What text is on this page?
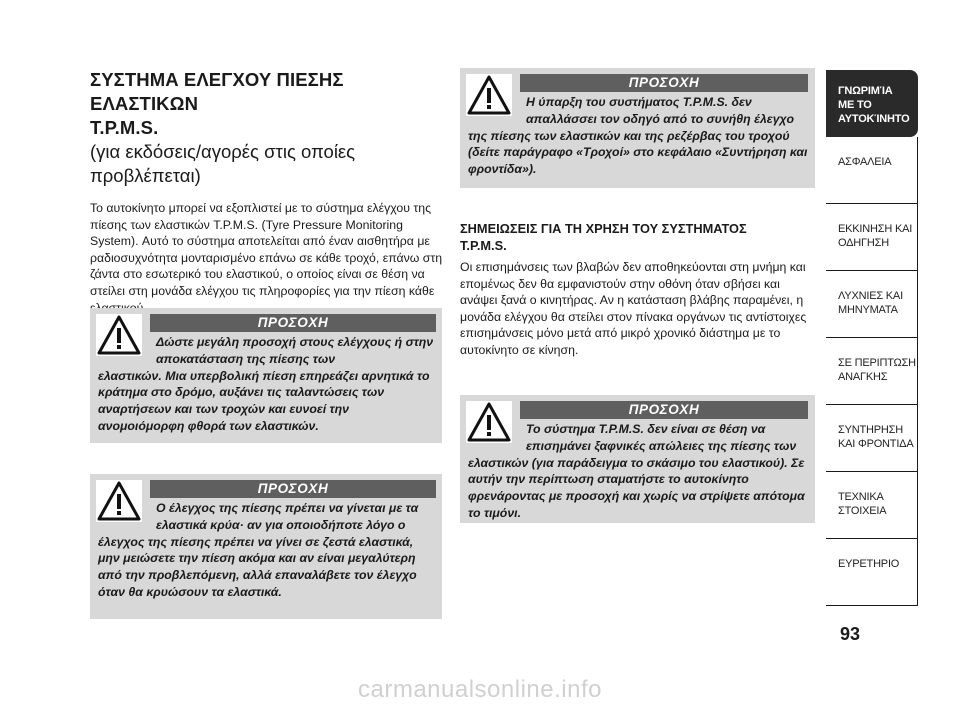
ΣΥΣΤΗΜΑ ΕΛΕΓΧΟΥ ΠΙΕΣΗΣ ΕΛΑΣΤΙΚΩΝ
T.P.M.S.
(για εκδόσεις/αγορές στις οποίες
προβλέπεται)

Το αυτοκίνητο μπορεί να εξοπλιστεί με το σύστημα ελέγχου της πίεσης των ελαστικών T.P.M.S. (Tyre Pressure Monitoring System). Αυτό το σύστημα αποτελείται από έναν αισθητήρα με ραδιοσυχνότητα μονταρισμένο επάνω σε κάθε τροχό, επάνω στη ζάντα στο εσωτερικό του ελαστικού, ο οποίος είναι σε θέση να στείλει στη μονάδα ελέγχου τις πληροφορίες για την πίεση κάθε

ΠΡΟΣΟΧΗ
Δώστε μεγάλη προσοχή στους ελέγχους ή στην αποκατάσταση της πίεσης των
ελαστικών. Μια υπερβολική πίεση επηρεάζει αρνητικά το κράτημα στο δρόμο, αυξάνει τις ταλαντώσεις των αναρτήσεων και των τροχών και ευνοεί την ανομοιόμορφη φθορά των ελαστικών.
ΠΡΟΣΟΧΗ
Ο έλεγχος της πίεσης πρέπει να γίνεται με τα ελαστικά κρύα· αν για οποιοδήποτε λόγο ο
έλεγχος της πίεσης πρέπει να γίνει σε ζεστά ελαστικά, μην μειώσετε την πίεση ακόμα και αν είναι μεγαλύτερη από την προβλεπόμενη, αλλά επαναλάβετε τον έλεγχο όταν θα κρυώσουν τα ελαστικά.
ΠΡΟΣΟΧΗ
Η ύπαρξη του συστήματος T.P.M.S. δεν απαλλάσσει τον οδηγό από το συνήθη έλεγχο
της πίεσης των ελαστικών και της ρεζέρβας του τροχού (δείτε παράγραφο «Τροχοί» στο κεφάλαιο «Συντήρηση και φροντίδα»).
ΣΗΜΕΙΩΣΕΙΣ ΓΙΑ ΤΗ ΧΡΗΣΗ ΤΟΥ ΣΥΣΤΗΜΑΤΟΣ
T.P.M.S.

Οι επισημάνσεις των βλαβών δεν αποθηκεύονται στη μνήμη και επομένως δεν θα εμφανιστούν στην οθόνη όταν σβήσει και ανάψει ξανά ο κινητήρας. Αν η κατάσταση βλάβης παραμένει, η μονάδα ελέγχου θα στείλει στον πίνακα οργάνων τις αντίστοιχες επισημάνσεις μόνο μετά από μικρό χρονικό διάστημα με το αυτοκίνητο σε κίνηση.

ΠΡΟΣΟΧΗ
Το σύστημα T.P.M.S. δεν είναι σε θέση να επισημάνει ξαφνικές απώλειες της πίεσης των
ελαστικών (για παράδειγμα το σκάσιμο του ελαστικού). Σε αυτήν την περίπτωση σταματήστε το αυτοκίνητο φρενάροντας με προσοχή και χωρίς να στρίψετε απότομα το τιμόνι.
ΓΝΩΡΙΜΊΑ
ΜΕ ΤΟ
ΑΥΤΟΚΊΝΗΤΟ
ΑΣΦΑΛΕΙΑ
ΕΚΚΙΝΗΣΗ ΚΑΙ
ΟΔΗΓΗΣΗ
ΛΥΧΝΙΕΣ ΚΑΙ
ΜΗΝΥΜΑΤΑ
ΣΕ ΠΕΡΙΠΤΩΣΗ
ΑΝΑΓΚΗΣ
ΣΥΝΤΗΡΗΣΗ
ΚΑΙ ΦΡΟΝΤΙΔΑ
ΤΕΧΝΙΚΑ
ΣΤΟΙΧΕΙΑ
ΕΥΡΕΤΗΡΙΟ
93
carmanualsonline.info
